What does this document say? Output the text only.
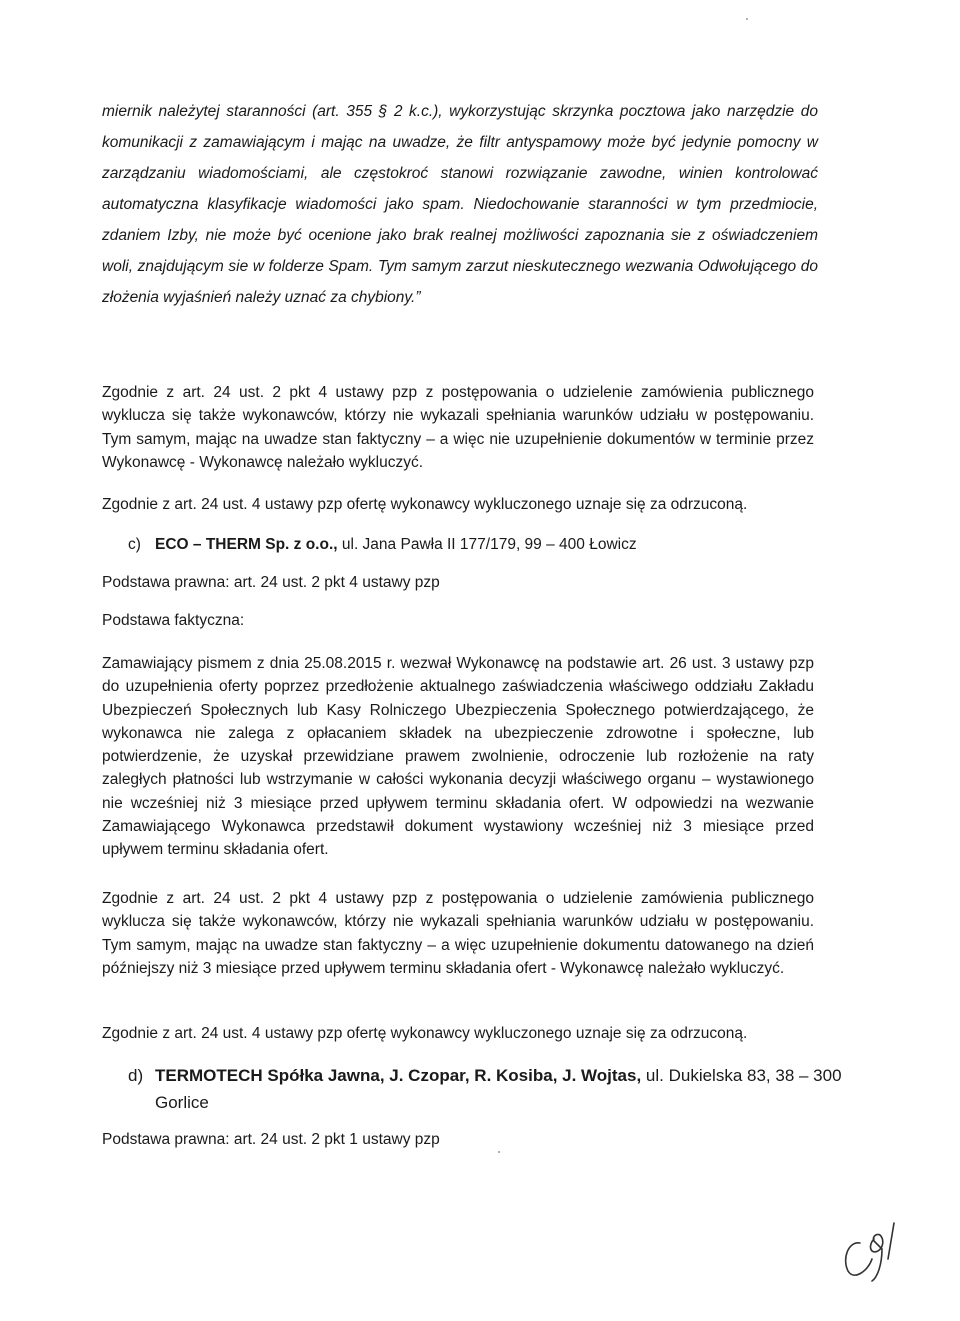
miernik należytej staranności (art. 355 § 2 k.c.), wykorzystując skrzynka pocztowa jako narzędzie do komunikacji z zamawiającym i mając na uwadze, że filtr antyspamowy może być jedynie pomocny w zarządzaniu wiadomościami, ale częstokroć stanowi rozwiązanie zawodne, winien kontrolować automatyczna klasyfikacje wiadomości jako spam. Niedochowanie staranności w tym przedmiocie, zdaniem Izby, nie może być ocenione jako brak realnej możliwości zapoznania sie z oświadczeniem woli, znajdującym sie w folderze Spam. Tym samym zarzut nieskutecznego wezwania Odwołującego do złożenia wyjaśnień należy uznać za chybiony.”

Zgodnie z art. 24 ust. 2 pkt 4 ustawy pzp z postępowania o udzielenie zamówienia publicznego wyklucza się także wykonawców, którzy nie wykazali spełniania warunków udziału w postępowaniu. Tym samym, mając na uwadze stan faktyczny – a więc nie uzupełnienie dokumentów w terminie przez Wykonawcę - Wykonawcę należało wykluczyć.

Zgodnie z art. 24 ust. 4 ustawy pzp ofertę wykonawcy wykluczonego uznaje się za odrzuconą.

c) ECO – THERM Sp. z o.o., ul. Jana Pawła II 177/179, 99 – 400 Łowicz

Podstawa prawna: art. 24 ust. 2 pkt 4 ustawy pzp

Podstawa faktyczna:

Zamawiający pismem z dnia 25.08.2015 r. wezwał Wykonawcę na podstawie art. 26 ust. 3 ustawy pzp do uzupełnienia oferty poprzez przedłożenie aktualnego zaświadczenia właściwego oddziału Zakładu Ubezpieczeń Społecznych lub Kasy Rolniczego Ubezpieczenia Społecznego potwierdzającego, że wykonawca nie zalega z opłacaniem składek na ubezpieczenie zdrowotne i społeczne, lub potwierdzenie, że uzyskał przewidziane prawem zwolnienie, odroczenie lub rozłożenie na raty zaległych płatności lub wstrzymanie w całości wykonania decyzji właściwego organu – wystawionego nie wcześniej niż 3 miesiące przed upływem terminu składania ofert. W odpowiedzi na wezwanie Zamawiającego Wykonawca przedstawił dokument wystawiony wcześniej niż 3 miesiące przed upływem terminu składania ofert.

Zgodnie z art. 24 ust. 2 pkt 4 ustawy pzp z postępowania o udzielenie zamówienia publicznego wyklucza się także wykonawców, którzy nie wykazali spełniania warunków udziału w postępowaniu. Tym samym, mając na uwadze stan faktyczny – a więc uzupełnienie dokumentu datowanego na dzień późniejszy niż 3 miesiące przed upływem terminu składania ofert - Wykonawcę należało wykluczyć.

Zgodnie z art. 24 ust. 4 ustawy pzp ofertę wykonawcy wykluczonego uznaje się za odrzuconą.

d) TERMOTECH Spółka Jawna, J. Czopar, R. Kosiba, J. Wojtas, ul. Dukielska 83, 38 – 300
Gorlice

Podstawa prawna: art. 24 ust. 2 pkt 1 ustawy pzp
